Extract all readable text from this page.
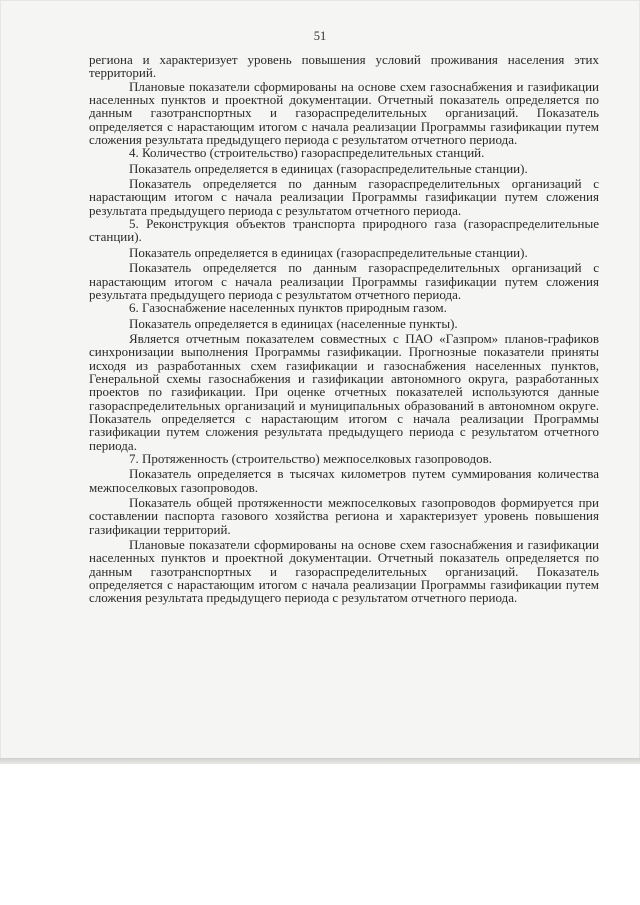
51

региона и характеризует уровень повышения условий проживания населения этих территорий.

Плановые показатели сформированы на основе схем газоснабжения и газификации населенных пунктов и проектной документации. Отчетный показатель определяется по данным газотранспортных и газораспределительных организаций. Показатель определяется с нарастающим итогом с начала реализации Программы газификации путем сложения результата предыдущего периода с результатом отчетного периода.

4. Количество (строительство) газораспределительных станций.

Показатель определяется в единицах (газораспределительные станции).

Показатель определяется по данным газораспределительных организаций с нарастающим итогом с начала реализации Программы газификации путем сложения результата предыдущего периода с результатом отчетного периода.

5. Реконструкция объектов транспорта природного газа (газораспределительные станции).

Показатель определяется в единицах (газораспределительные станции).

Показатель определяется по данным газораспределительных организаций с нарастающим итогом с начала реализации Программы газификации путем сложения результата предыдущего периода с результатом отчетного периода.

6. Газоснабжение населенных пунктов природным газом.

Показатель определяется в единицах (населенные пункты).

Является отчетным показателем совместных с ПАО «Газпром» планов-графиков синхронизации выполнения Программы газификации. Прогнозные показатели приняты исходя из разработанных схем газификации и газоснабжения населенных пунктов, Генеральной схемы газоснабжения и газификации автономного округа, разработанных проектов по газификации. При оценке отчетных показателей используются данные газораспределительных организаций и муниципальных образований в автономном округе. Показатель определяется с нарастающим итогом с начала реализации Программы газификации путем сложения результата предыдущего периода с результатом отчетного периода.

7. Протяженность (строительство) межпоселковых газопроводов.

Показатель определяется в тысячах километров путем суммирования количества межпоселковых газопроводов.

Показатель общей протяженности межпоселковых газопроводов формируется при составлении паспорта газового хозяйства региона и характеризует уровень повышения газификации территорий.

Плановые показатели сформированы на основе схем газоснабжения и газификации населенных пунктов и проектной документации. Отчетный показатель определяется по данным газотранспортных и газораспределительных организаций. Показатель определяется с нарастающим итогом с начала реализации Программы газификации путем сложения результата предыдущего периода с результатом отчетного периода.
